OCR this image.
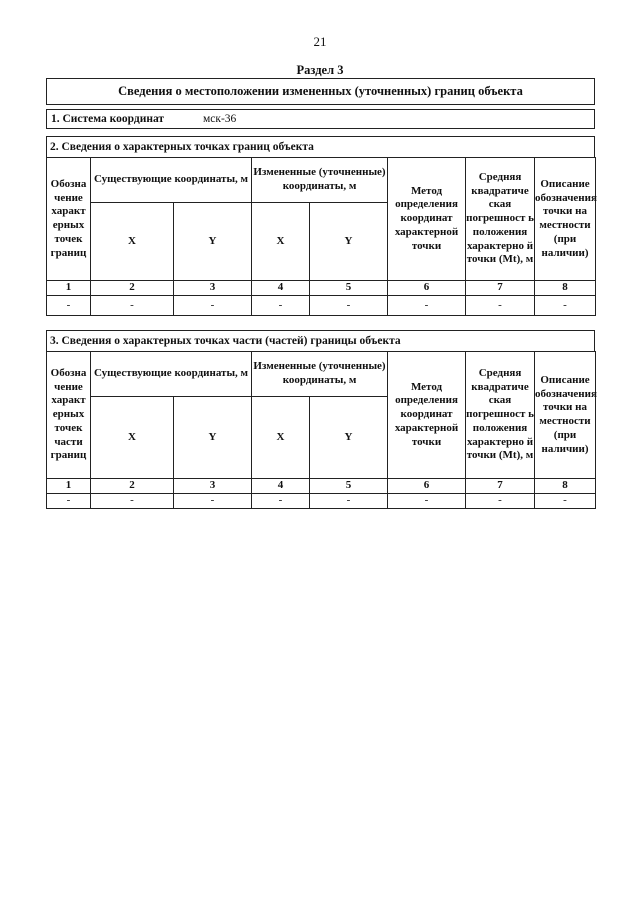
21
Раздел 3
Сведения о местоположении измененных (уточненных) границ объекта
1. Система координат	мск-36
2. Сведения о характерных точках границ объекта
Обозна чение характ ерных точек границ	Существующие координаты, м		Измененные (уточненные) координаты, м		Метод определения координат характерной точки	Средняя квадратиче ская погрешност ь положения характерно й точки (Mt), м	Описание обозначения точки на местности (при наличии)
	X	Y	X	Y			
1	2	3	4	5	6	7	8
-	-	-	-	-	-	-	-
3. Сведения о характерных точках части (частей) границы объекта
Обозна чение характ ерных точек части границ	Существующие координаты, м		Измененные (уточненные) координаты, м		Метод определения координат характерной точки	Средняя квадратиче ская погрешност ь положения характерно й точки (Mt), м	Описание обозначения точки на местности (при наличии)
	X	Y	X	Y			
1	2	3	4	5	6	7	8
-	-	-	-	-	-	-	-
